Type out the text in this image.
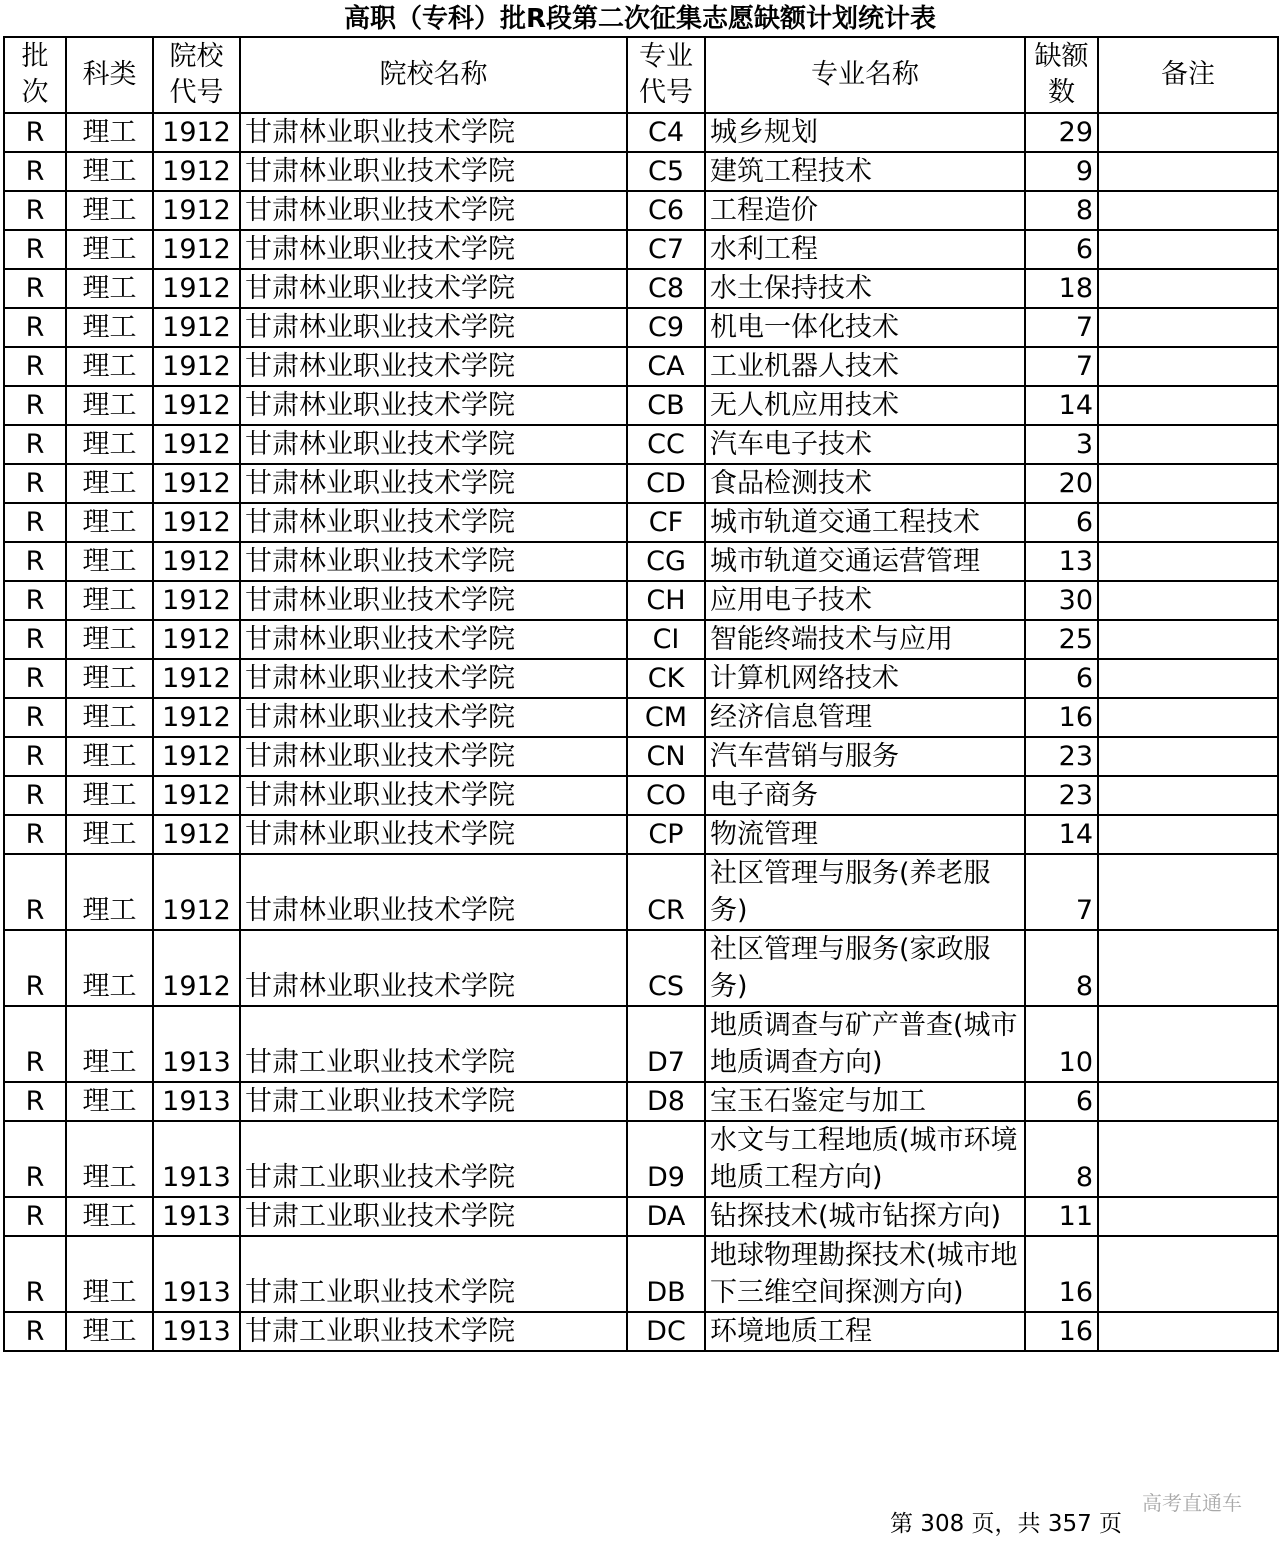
高职（专科）批R段第二次征集志愿缺额计划统计表
批次	科类	院校代号	院校名称	专业代号	专业名称	缺额数	备注
R	理工	1912	甘肃林业职业技术学院	C4	城乡规划	29	
R	理工	1912	甘肃林业职业技术学院	C5	建筑工程技术	9	
R	理工	1912	甘肃林业职业技术学院	C6	工程造价	8	
R	理工	1912	甘肃林业职业技术学院	C7	水利工程	6	
R	理工	1912	甘肃林业职业技术学院	C8	水土保持技术	18	
R	理工	1912	甘肃林业职业技术学院	C9	机电一体化技术	7	
R	理工	1912	甘肃林业职业技术学院	CA	工业机器人技术	7	
R	理工	1912	甘肃林业职业技术学院	CB	无人机应用技术	14	
R	理工	1912	甘肃林业职业技术学院	CC	汽车电子技术	3	
R	理工	1912	甘肃林业职业技术学院	CD	食品检测技术	20	
R	理工	1912	甘肃林业职业技术学院	CF	城市轨道交通工程技术	6	
R	理工	1912	甘肃林业职业技术学院	CG	城市轨道交通运营管理	13	
R	理工	1912	甘肃林业职业技术学院	CH	应用电子技术	30	
R	理工	1912	甘肃林业职业技术学院	CI	智能终端技术与应用	25	
R	理工	1912	甘肃林业职业技术学院	CK	计算机网络技术	6	
R	理工	1912	甘肃林业职业技术学院	CM	经济信息管理	16	
R	理工	1912	甘肃林业职业技术学院	CN	汽车营销与服务	23	
R	理工	1912	甘肃林业职业技术学院	CO	电子商务	23	
R	理工	1912	甘肃林业职业技术学院	CP	物流管理	14	
R	理工	1912	甘肃林业职业技术学院	CR	社区管理与服务(养老服务)	7	
R	理工	1912	甘肃林业职业技术学院	CS	社区管理与服务(家政服务)	8	
R	理工	1913	甘肃工业职业技术学院	D7	地质调查与矿产普查(城市地质调查方向)	10	
R	理工	1913	甘肃工业职业技术学院	D8	宝玉石鉴定与加工	6	
R	理工	1913	甘肃工业职业技术学院	D9	水文与工程地质(城市环境地质工程方向)	8	
R	理工	1913	甘肃工业职业技术学院	DA	钻探技术(城市钻探方向)	11	
R	理工	1913	甘肃工业职业技术学院	DB	地球物理勘探技术(城市地下三维空间探测方向)	16	
R	理工	1913	甘肃工业职业技术学院	DC	环境地质工程	16	
第 308 页，共 357 页
高考直通车
